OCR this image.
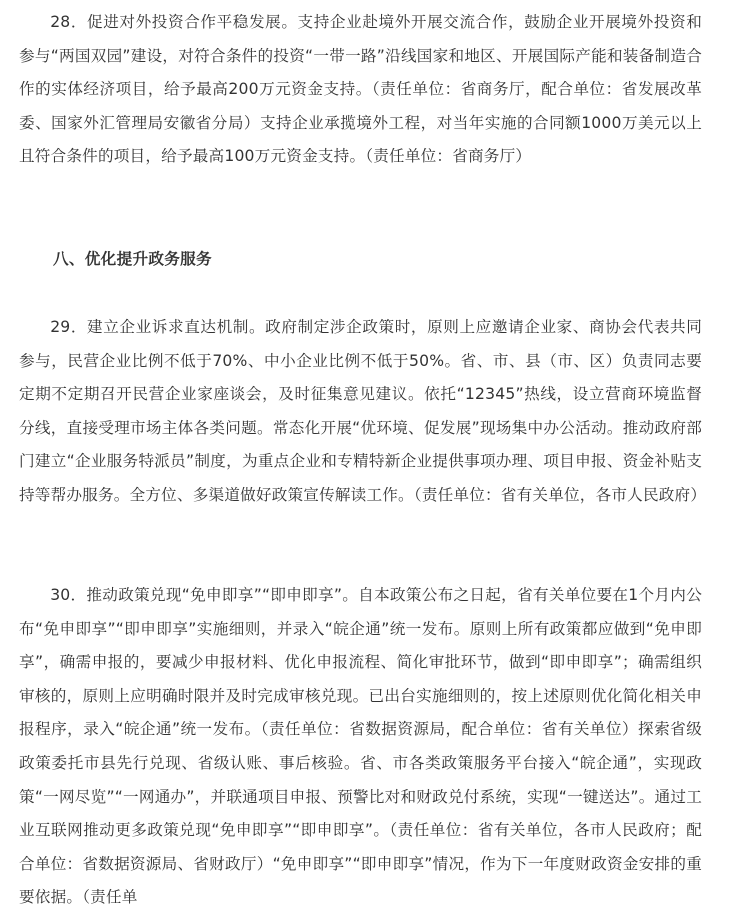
28．促进对外投资合作平稳发展。支持企业赴境外开展交流合作，鼓励企业开展境外投资和参与“两国双园”建设，对符合条件的投资“一带一路”沿线国家和地区、开展国际产能和装备制造合作的实体经济项目，给予最高200万元资金支持。（责任单位：省商务厅，配合单位：省发展改革委、国家外汇管理局安徽省分局）支持企业承揽境外工程，对当年实施的合同额1000万美元以上且符合条件的项目，给予最高100万元资金支持。（责任单位：省商务厅）

八、优化提升政务服务

29．建立企业诉求直达机制。政府制定涉企政策时，原则上应邀请企业家、商协会代表共同参与，民营企业比例不低于70%、中小企业比例不低于50%。省、市、县（市、区）负责同志要定期不定期召开民营企业家座谈会，及时征集意见建议。依托“12345”热线，设立营商环境监督分线，直接受理市场主体各类问题。常态化开展“优环境、促发展”现场集中办公活动。推动政府部门建立“企业服务特派员”制度，为重点企业和专精特新企业提供事项办理、项目申报、资金补贴支持等帮办服务。全方位、多渠道做好政策宣传解读工作。（责任单位：省有关单位，各市人民政府）

30．推动政策兑现“免申即享”“即申即享”。自本政策公布之日起，省有关单位要在1个月内公布“免申即享”“即申即享”实施细则，并录入“皖企通”统一发布。原则上所有政策都应做到“免申即享”，确需申报的，要减少申报材料、优化申报流程、简化审批环节，做到“即申即享”；确需组织审核的，原则上应明确时限并及时完成审核兑现。已出台实施细则的，按上述原则优化简化相关申报程序，录入“皖企通”统一发布。（责任单位：省数据资源局，配合单位：省有关单位）探索省级政策委托市县先行兑现、省级认账、事后核验。省、市各类政策服务平台接入“皖企通”，实现政策“一网尽览”“一网通办”，并联通项目申报、预警比对和财政兑付系统，实现“一键送达”。通过工业互联网推动更多政策兑现“免申即享”“即申即享”。（责任单位：省有关单位，各市人民政府；配合单位：省数据资源局、省财政厅）“免申即享”“即申即享”情况，作为下一年度财政资金安排的重要依据。（责任单
